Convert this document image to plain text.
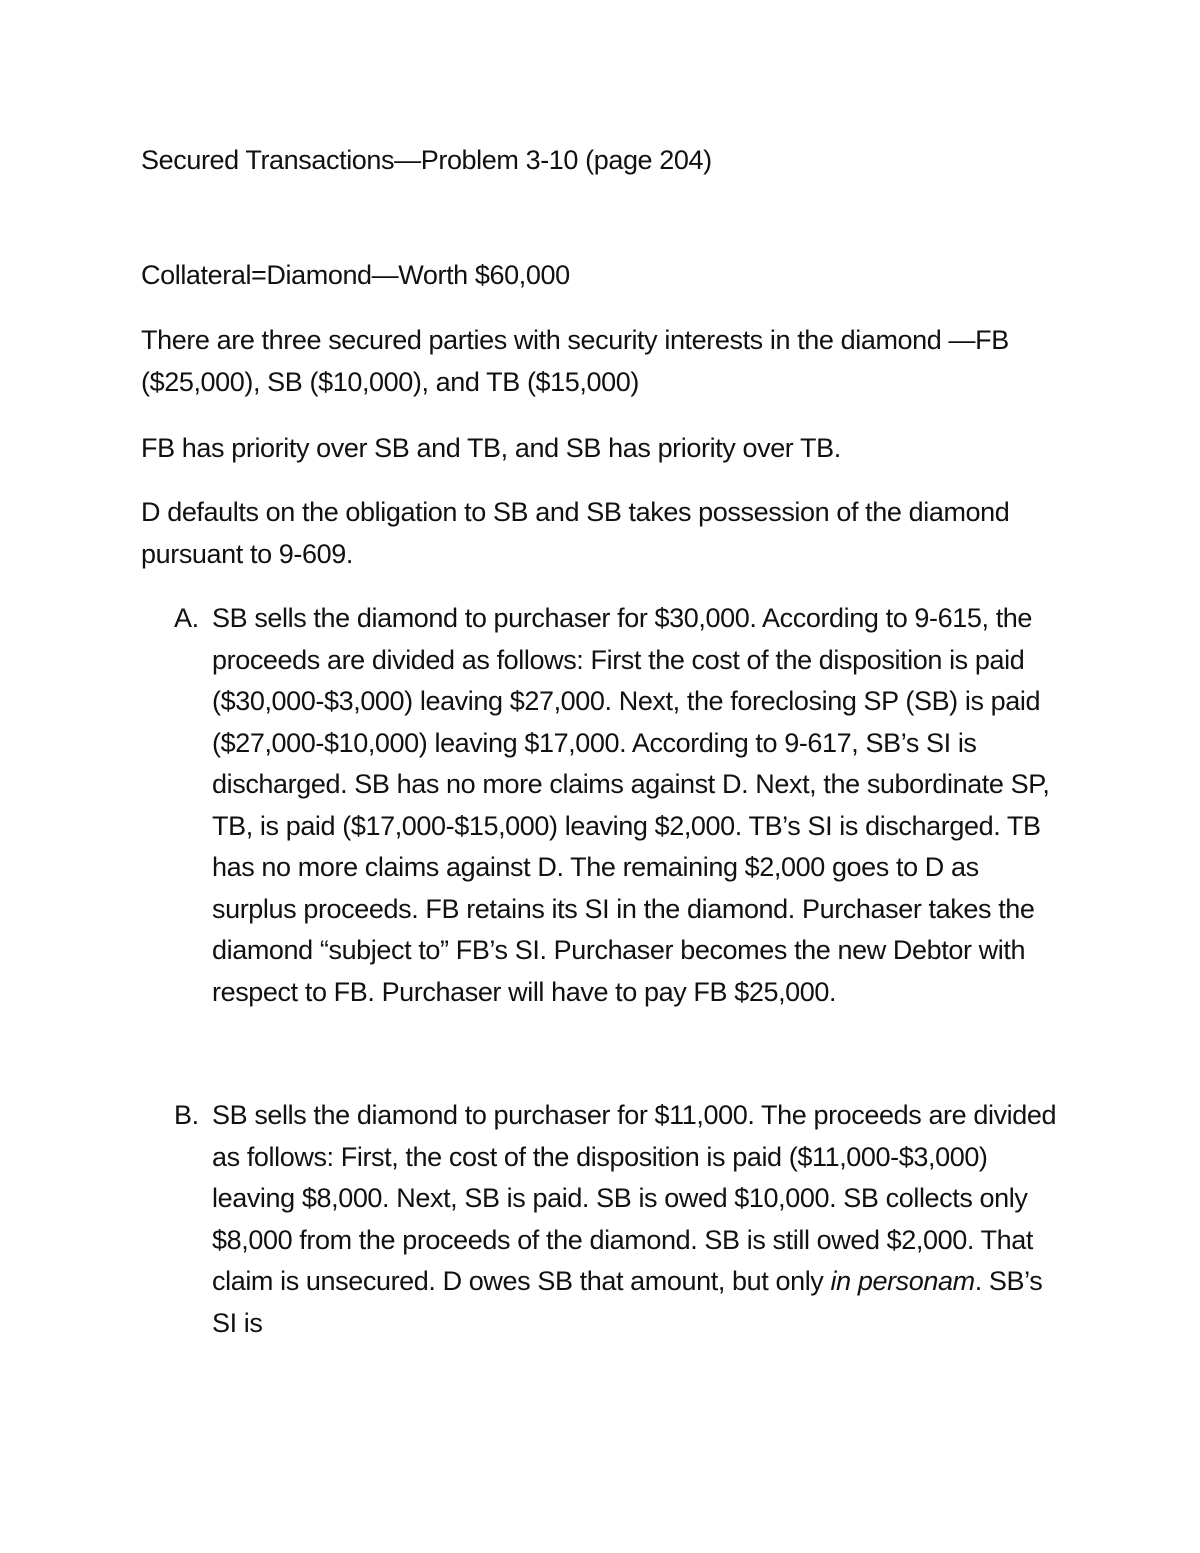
Secured Transactions—Problem 3-10 (page 204)

Collateral=Diamond—Worth $60,000

There are three secured parties with security interests in the diamond —FB ($25,000), SB ($10,000), and TB ($15,000)

FB has priority over SB and TB, and SB has priority over TB.

D defaults on the obligation to SB and SB takes possession of the diamond pursuant to 9-609.

A. SB sells the diamond to purchaser for $30,000. According to 9-615, the proceeds are divided as follows: First the cost of the disposition is paid ($30,000-$3,000) leaving $27,000. Next, the foreclosing SP (SB) is paid ($27,000-$10,000) leaving $17,000. According to 9-617, SB’s SI is discharged. SB has no more claims against D. Next, the subordinate SP, TB, is paid ($17,000-$15,000) leaving $2,000. TB’s SI is discharged. TB has no more claims against D. The remaining $2,000 goes to D as surplus proceeds. FB retains its SI in the diamond. Purchaser takes the diamond “subject to” FB’s SI. Purchaser becomes the new Debtor with respect to FB. Purchaser will have to pay FB $25,000.
B. SB sells the diamond to purchaser for $11,000. The proceeds are divided as follows: First, the cost of the disposition is paid ($11,000-$3,000) leaving $8,000. Next, SB is paid. SB is owed $10,000. SB collects only $8,000 from the proceeds of the diamond. SB is still owed $2,000. That claim is unsecured. D owes SB that amount, but only in personam. SB’s SI is
